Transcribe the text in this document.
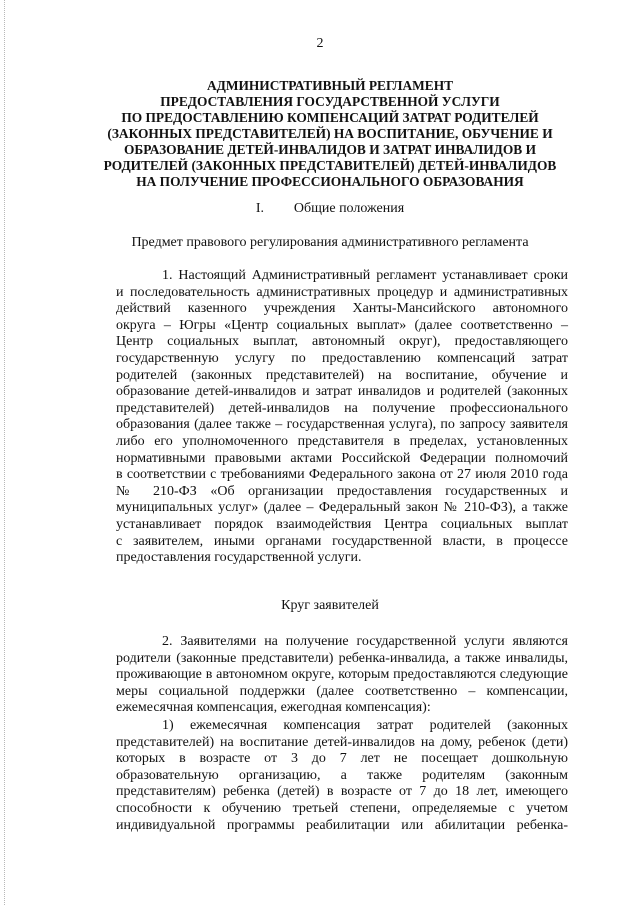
2
АДМИНИСТРАТИВНЫЙ РЕГЛАМЕНТ
ПРЕДОСТАВЛЕНИЯ ГОСУДАРСТВЕННОЙ УСЛУГИ
ПО ПРЕДОСТАВЛЕНИЮ КОМПЕНСАЦИЙ ЗАТРАТ РОДИТЕЛЕЙ
(ЗАКОННЫХ ПРЕДСТАВИТЕЛЕЙ) НА ВОСПИТАНИЕ, ОБУЧЕНИЕ И
ОБРАЗОВАНИЕ ДЕТЕЙ-ИНВАЛИДОВ И ЗАТРАТ ИНВАЛИДОВ И
РОДИТЕЛЕЙ (ЗАКОННЫХ ПРЕДСТАВИТЕЛЕЙ) ДЕТЕЙ-ИНВАЛИДОВ
НА ПОЛУЧЕНИЕ ПРОФЕССИОНАЛЬНОГО ОБРАЗОВАНИЯ
I. Общие положения
Предмет правового регулирования административного регламента
1. Настоящий Административный регламент устанавливает сроки
и последовательность административных процедур и административных
действий казенного учреждения Ханты-Мансийского автономного
округа – Югры «Центр социальных выплат» (далее соответственно –
Центр социальных выплат, автономный округ), предоставляющего
государственную услугу по предоставлению компенсаций затрат
родителей (законных представителей) на воспитание, обучение и
образование детей-инвалидов и затрат инвалидов и родителей (законных
представителей) детей-инвалидов на получение профессионального
образования (далее также – государственная услуга), по запросу заявителя
либо его уполномоченного представителя в пределах, установленных
нормативными правовыми актами Российской Федерации полномочий
в соответствии с требованиями Федерального закона от 27 июля 2010 года
№ 210-ФЗ «Об организации предоставления государственных и
муниципальных услуг» (далее – Федеральный закон № 210-ФЗ), а также
устанавливает порядок взаимодействия Центра социальных выплат
с заявителем, иными органами государственной власти, в процессе
предоставления государственной услуги.
Круг заявителей
2. Заявителями на получение государственной услуги являются
родители (законные представители) ребенка-инвалида, а также инвалиды,
проживающие в автономном округе, которым предоставляются следующие
меры социальной поддержки (далее соответственно – компенсации,
ежемесячная компенсация, ежегодная компенсация):
1) ежемесячная компенсация затрат родителей (законных
представителей) на воспитание детей-инвалидов на дому, ребенок (дети)
которых в возрасте от 3 до 7 лет не посещает дошкольную
образовательную организацию, а также родителям (законным
представителям) ребенка (детей) в возрасте от 7 до 18 лет, имеющего
способности к обучению третьей степени, определяемые с учетом
индивидуальной программы реабилитации или абилитации ребенка-
